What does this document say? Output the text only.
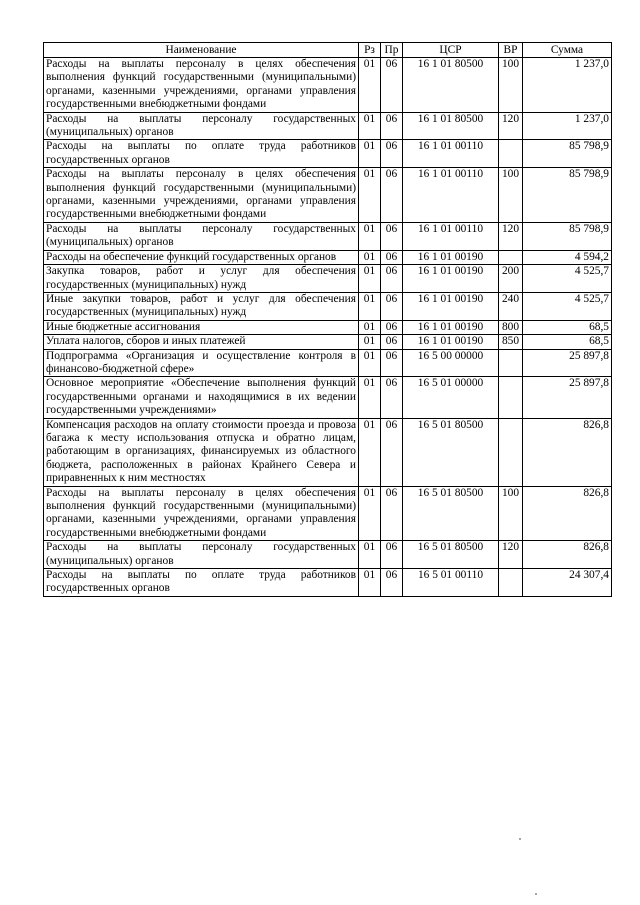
Наименование	Рз	Пр	ЦСР	ВР	Сумма
Расходы на выплаты персоналу в целях обеспечения выполнения функций государственными (муниципальными) органами, казенными учреждениями, органами управления государственными внебюджетными фондами	01	06	16 1 01 80500	100	1 237,0
Расходы на выплаты персоналу государственных (муниципальных) органов	01	06	16 1 01 80500	120	1 237,0
Расходы на выплаты по оплате труда работников государственных органов	01	06	16 1 01 00110		85 798,9
Расходы на выплаты персоналу в целях обеспечения выполнения функций государственными (муниципальными) органами, казенными учреждениями, органами управления государственными внебюджетными фондами	01	06	16 1 01 00110	100	85 798,9
Расходы на выплаты персоналу государственных (муниципальных) органов	01	06	16 1 01 00110	120	85 798,9
Расходы на обеспечение функций государственных органов	01	06	16 1 01 00190		4 594,2
Закупка товаров, работ и услуг для обеспечения государственных (муниципальных) нужд	01	06	16 1 01 00190	200	4 525,7
Иные закупки товаров, работ и услуг для обеспечения государственных (муниципальных) нужд	01	06	16 1 01 00190	240	4 525,7
Иные бюджетные ассигнования	01	06	16 1 01 00190	800	68,5
Уплата налогов, сборов и иных платежей	01	06	16 1 01 00190	850	68,5
Подпрограмма «Организация и осуществление контроля в финансово-бюджетной сфере»	01	06	16 5 00 00000		25 897,8
Основное мероприятие «Обеспечение выполнения функций государственными органами и находящимися в их ведении государственными учреждениями»	01	06	16 5 01 00000		25 897,8
Компенсация расходов на оплату стоимости проезда и провоза багажа к месту использования отпуска и обратно лицам, работающим в организациях, финансируемых из областного бюджета, расположенных в районах Крайнего Севера и приравненных к ним местностях	01	06	16 5 01 80500		826,8
Расходы на выплаты персоналу в целях обеспечения выполнения функций государственными (муниципальными) органами, казенными учреждениями, органами управления государственными внебюджетными фондами	01	06	16 5 01 80500	100	826,8
Расходы на выплаты персоналу государственных (муниципальных) органов	01	06	16 5 01 80500	120	826,8
Расходы на выплаты по оплате труда работников государственных органов	01	06	16 5 01 00110		24 307,4
